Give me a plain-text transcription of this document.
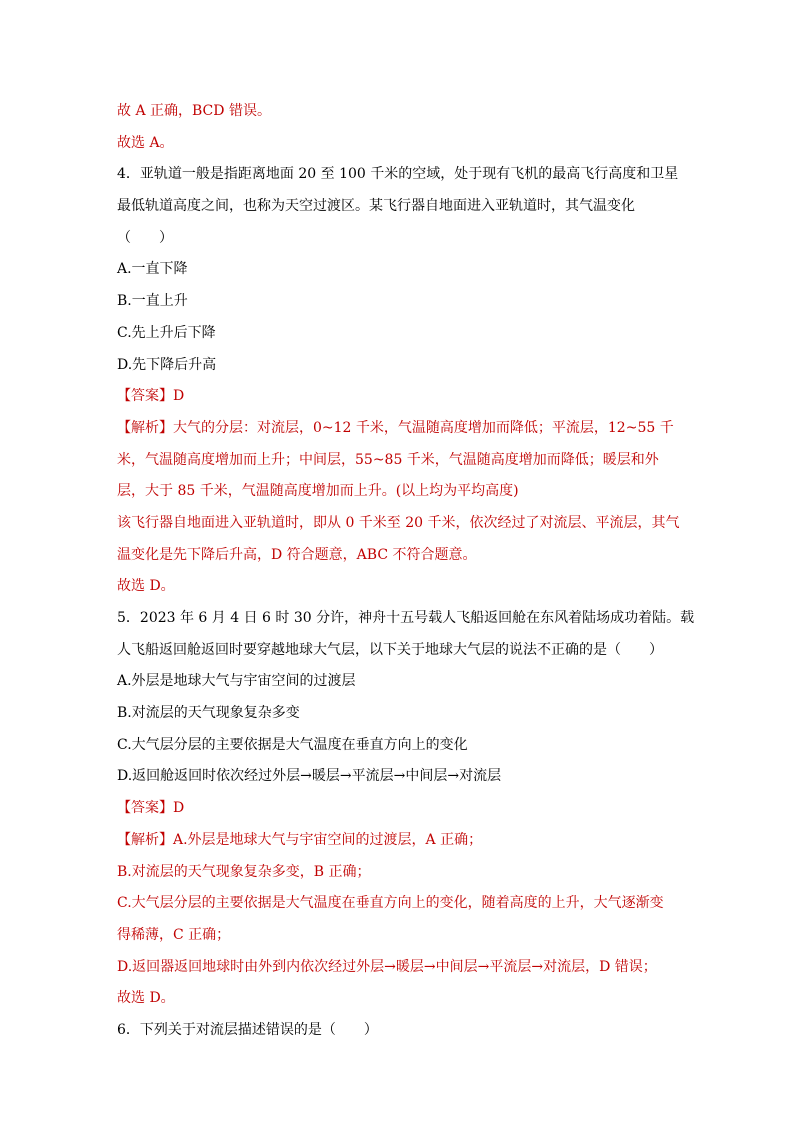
故 A 正确，BCD 错误。
故选 A。
4．亚轨道一般是指距离地面 20 至 100 千米的空域，处于现有飞机的最高飞行高度和卫星
最低轨道高度之间，也称为天空过渡区。某飞行器自地面进入亚轨道时，其气温变化
（　　）
A.一直下降
B.一直上升
C.先上升后下降
D.先下降后升高
【答案】D
【解析】大气的分层：对流层，0~12 千米，气温随高度增加而降低；平流层，12~55 千
米，气温随高度增加而上升；中间层，55~85 千米，气温随高度增加而降低；暖层和外
层，大于 85 千米，气温随高度增加而上升。(以上均为平均高度)
该飞行器自地面进入亚轨道时，即从 0 千米至 20 千米，依次经过了对流层、平流层，其气
温变化是先下降后升高，D 符合题意，ABC 不符合题意。
故选 D。
5．2023 年 6 月 4 日 6 时 30 分许，神舟十五号载人飞船返回舱在东风着陆场成功着陆。载
人飞船返回舱返回时要穿越地球大气层，以下关于地球大气层的说法不正确的是（　　）
A.外层是地球大气与宇宙空间的过渡层
B.对流层的天气现象复杂多变
C.大气层分层的主要依据是大气温度在垂直方向上的变化
D.返回舱返回时依次经过外层→暖层→平流层→中间层→对流层
【答案】D
【解析】A.外层是地球大气与宇宙空间的过渡层，A 正确；
B.对流层的天气现象复杂多变，B 正确；
C.大气层分层的主要依据是大气温度在垂直方向上的变化，随着高度的上升，大气逐渐变
得稀薄，C 正确；
D.返回器返回地球时由外到内依次经过外层→暖层→中间层→平流层→对流层，D 错误；
故选 D。
6．下列关于对流层描述错误的是（　　）
